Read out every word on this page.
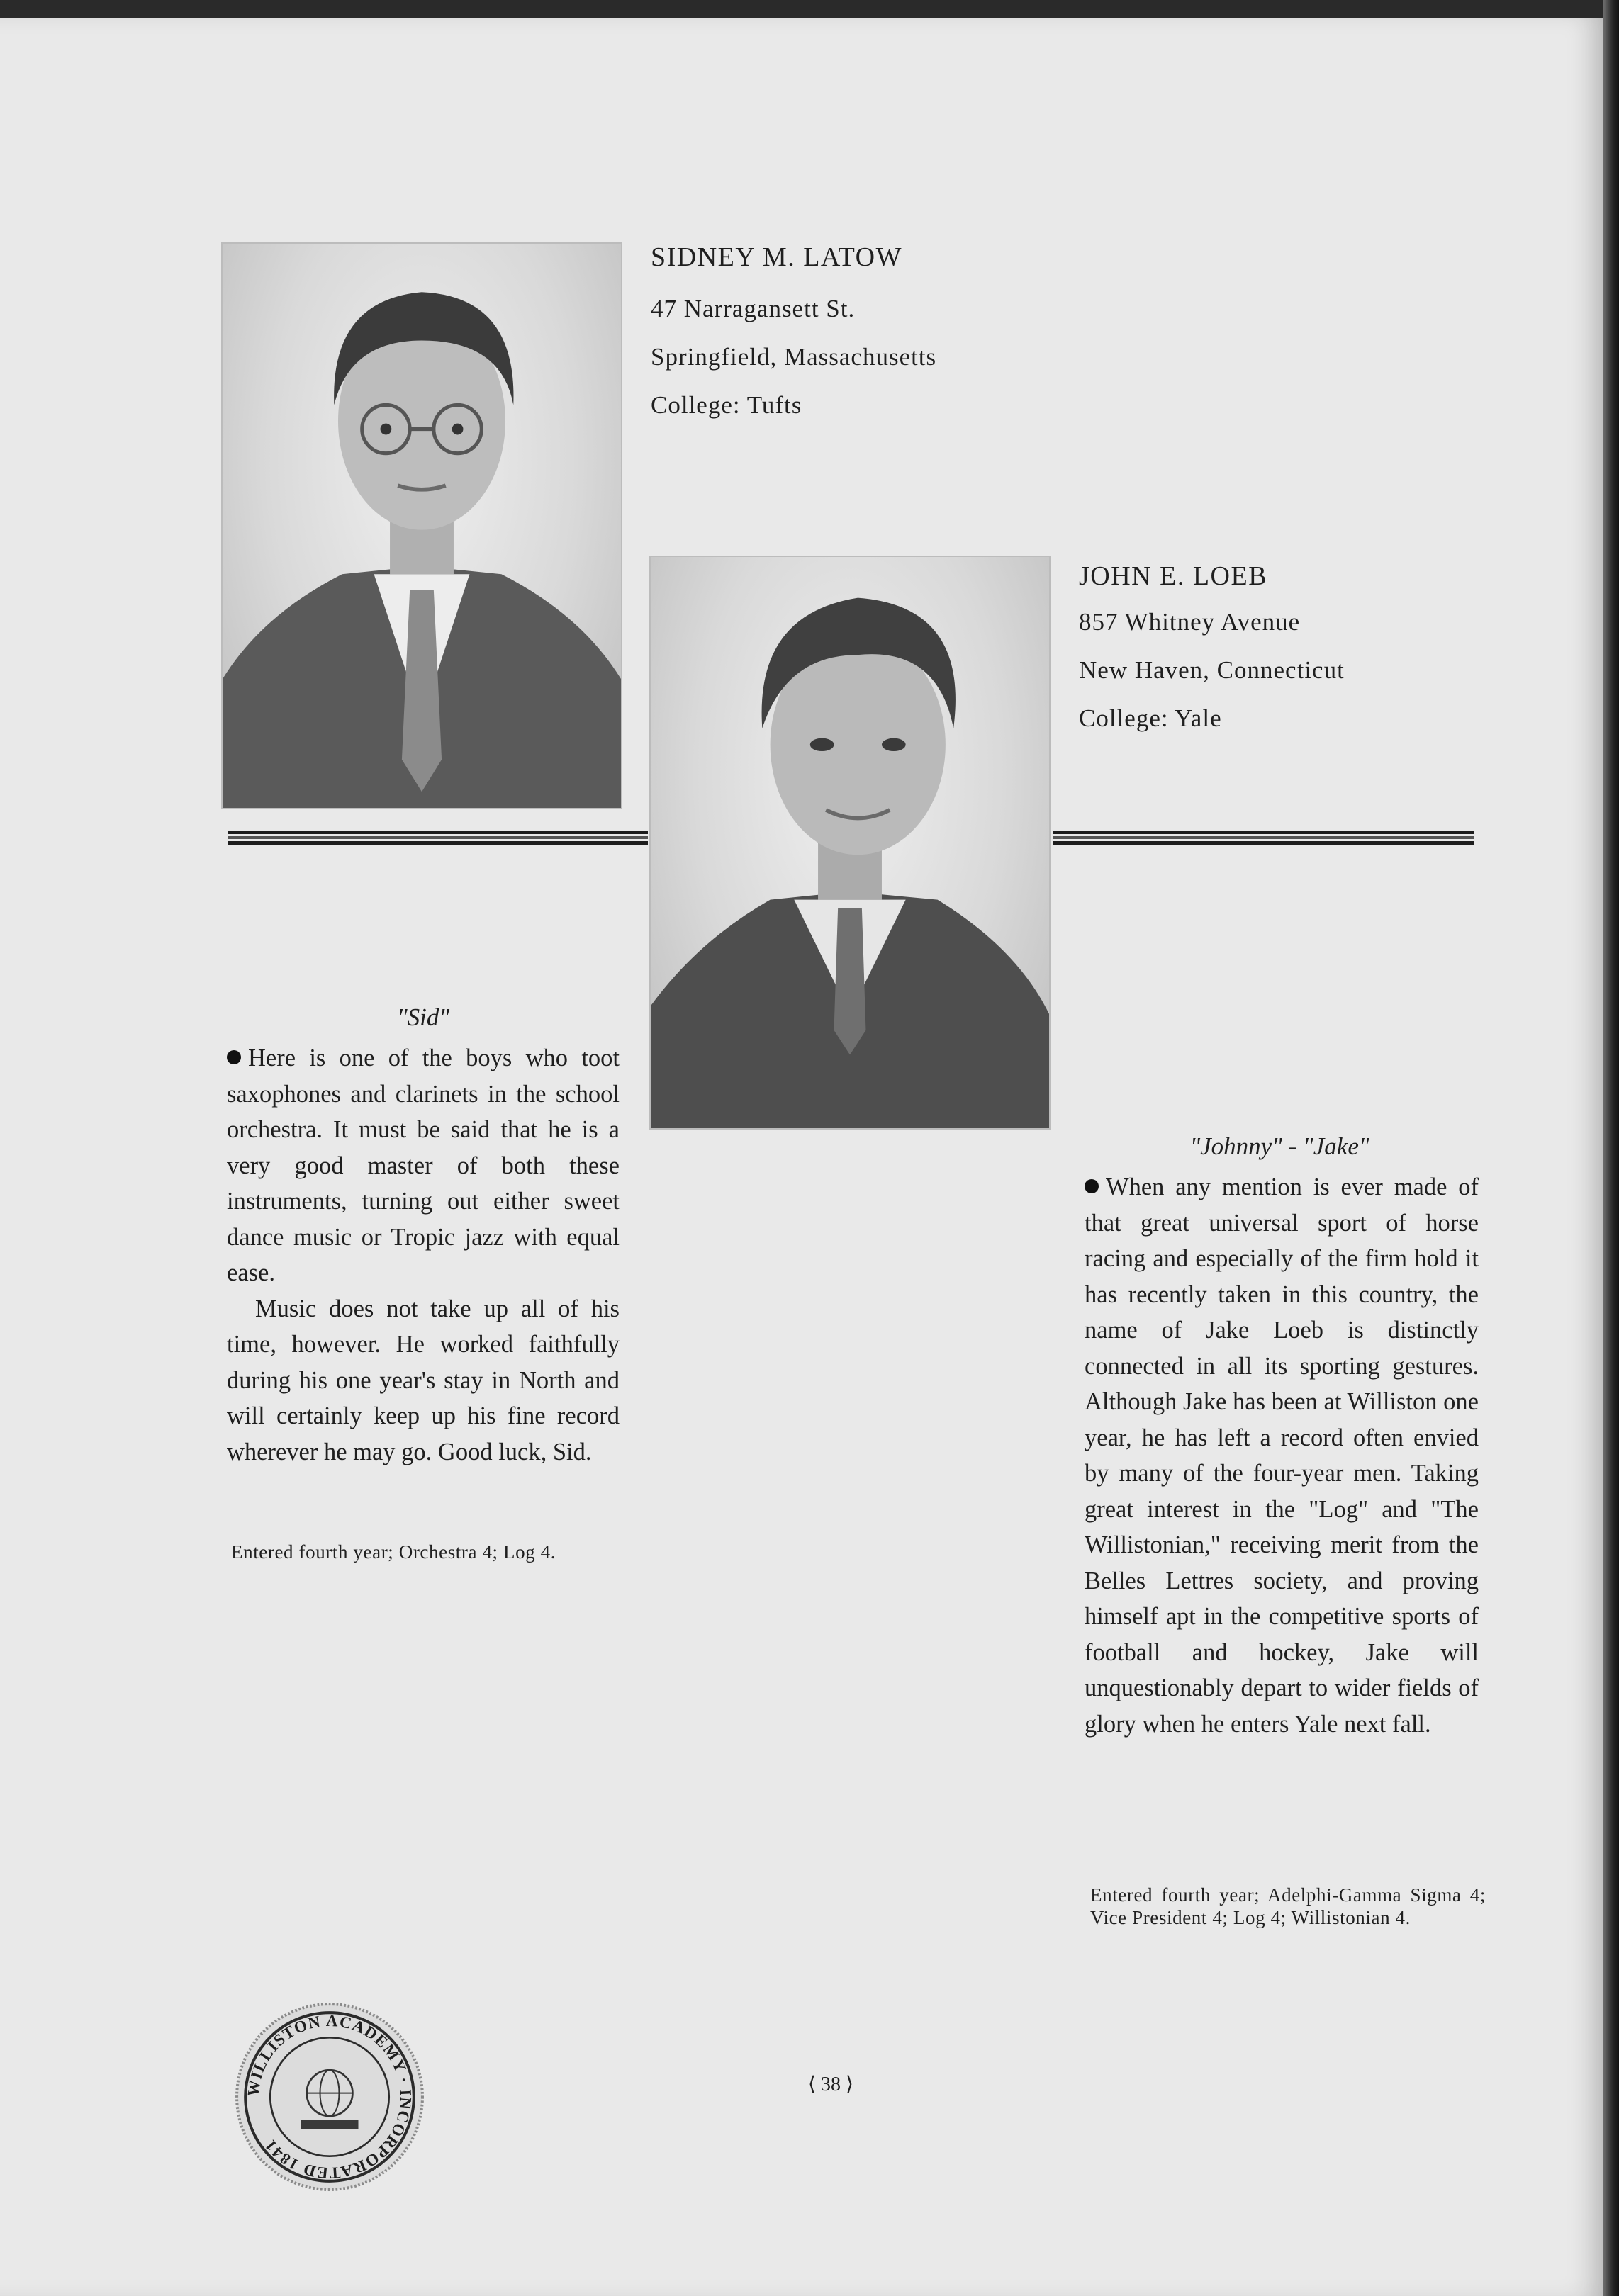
SIDNEY M. LATOW
47 Narragansett St.
Springfield, Massachusetts
College: Tufts
JOHN E. LOEB
857 Whitney Avenue
New Haven, Connecticut
College: Yale
"Sid"

Here is one of the boys who toot saxophones and clarinets in the school orchestra. It must be said that he is a very good master of both these instruments, turning out either sweet dance music or Tropic jazz with equal ease.

Music does not take up all of his time, however. He worked faithfully during his one year's stay in North and will certainly keep up his fine record wherever he may go. Good luck, Sid.

Entered fourth year; Orchestra 4; Log 4.
"Johnny" - "Jake"

When any mention is ever made of that great universal sport of horse racing and especially of the firm hold it has recently taken in this country, the name of Jake Loeb is distinctly connected in all its sporting gestures. Although Jake has been at Williston one year, he has left a record often envied by many of the four-year men. Taking great interest in the "Log" and "The Willistonian," receiving merit from the Belles Lettres society, and proving himself apt in the competitive sports of football and hockey, Jake will unquestionably depart to wider fields of glory when he enters Yale next fall.

Entered fourth year; Adelphi-Gamma Sigma 4; Vice President 4; Log 4; Willistonian 4.
WILLISTON ACADEMY · INCORPORATED 1841
⟨ 38 ⟩
